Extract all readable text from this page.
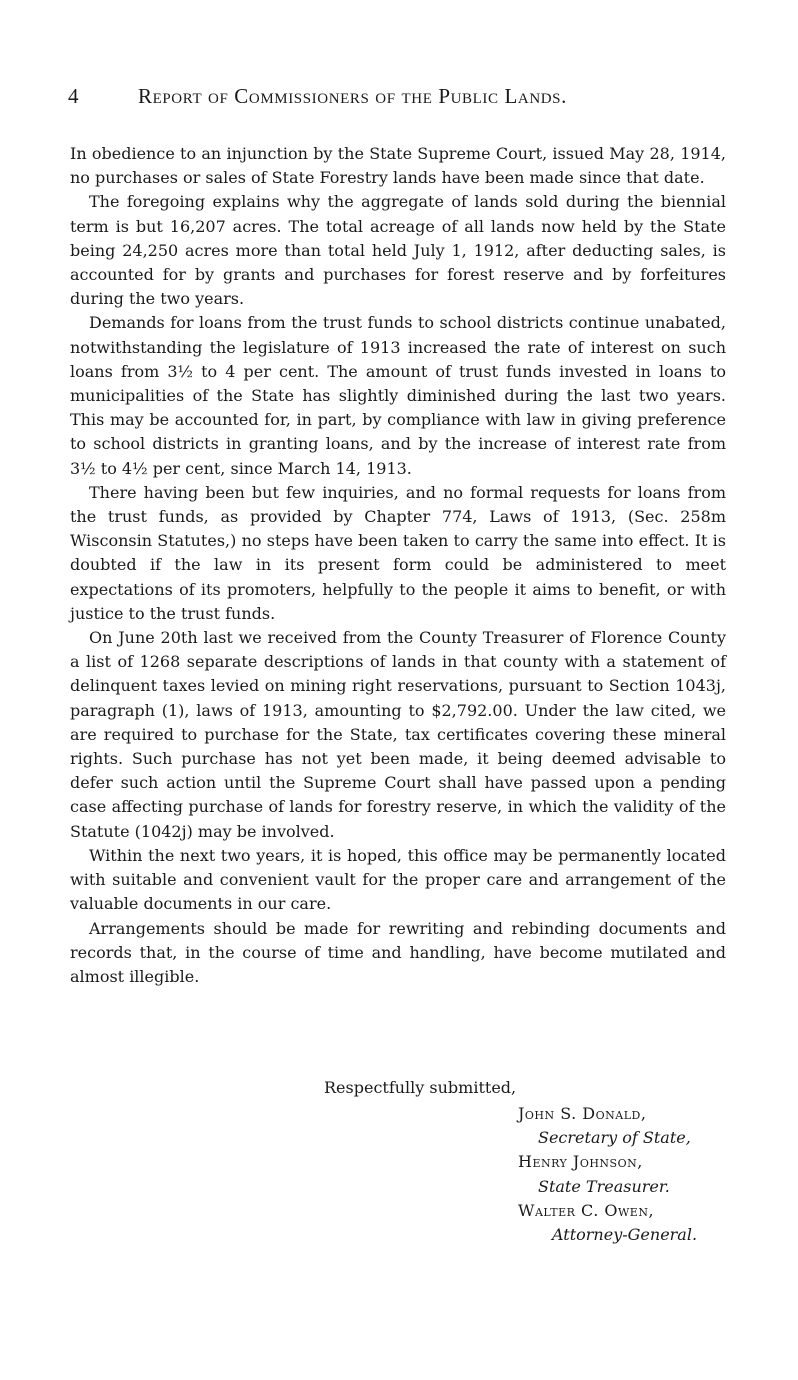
4	Report of Commissioners of the Public Lands.

In obedience to an injunction by the State Supreme Court, issued May 28, 1914, no purchases or sales of State Forestry lands have been made since that date.

The foregoing explains why the aggregate of lands sold during the biennial term is but 16,207 acres. The total acreage of all lands now held by the State being 24,250 acres more than total held July 1, 1912, after deducting sales, is accounted for by grants and purchases for forest reserve and by forfeitures during the two years.

Demands for loans from the trust funds to school districts continue unabated, notwithstanding the legislature of 1913 increased the rate of interest on such loans from 3½ to 4 per cent. The amount of trust funds invested in loans to municipalities of the State has slightly diminished during the last two years. This may be accounted for, in part, by compliance with law in giving preference to school districts in granting loans, and by the increase of interest rate from 3½ to 4½ per cent, since March 14, 1913.

There having been but few inquiries, and no formal requests for loans from the trust funds, as provided by Chapter 774, Laws of 1913, (Sec. 258m Wisconsin Statutes,) no steps have been taken to carry the same into effect. It is doubted if the law in its present form could be administered to meet expectations of its promoters, helpfully to the people it aims to benefit, or with justice to the trust funds.

On June 20th last we received from the County Treasurer of Florence County a list of 1268 separate descriptions of lands in that county with a statement of delinquent taxes levied on mining right reservations, pursuant to Section 1043j, paragraph (1), laws of 1913, amounting to $2,792.00. Under the law cited, we are required to purchase for the State, tax certificates covering these mineral rights. Such purchase has not yet been made, it being deemed advisable to defer such action until the Supreme Court shall have passed upon a pending case affecting purchase of lands for forestry reserve, in which the validity of the Statute (1042j) may be involved.

Within the next two years, it is hoped, this office may be permanently located with suitable and convenient vault for the proper care and arrangement of the valuable documents in our care.

Arrangements should be made for rewriting and rebinding documents and records that, in the course of time and handling, have become mutilated and almost illegible.

Respectfully submitted,
John S. Donald,
Secretary of State,
Henry Johnson,
State Treasurer.
Walter C. Owen,
Attorney-General.
